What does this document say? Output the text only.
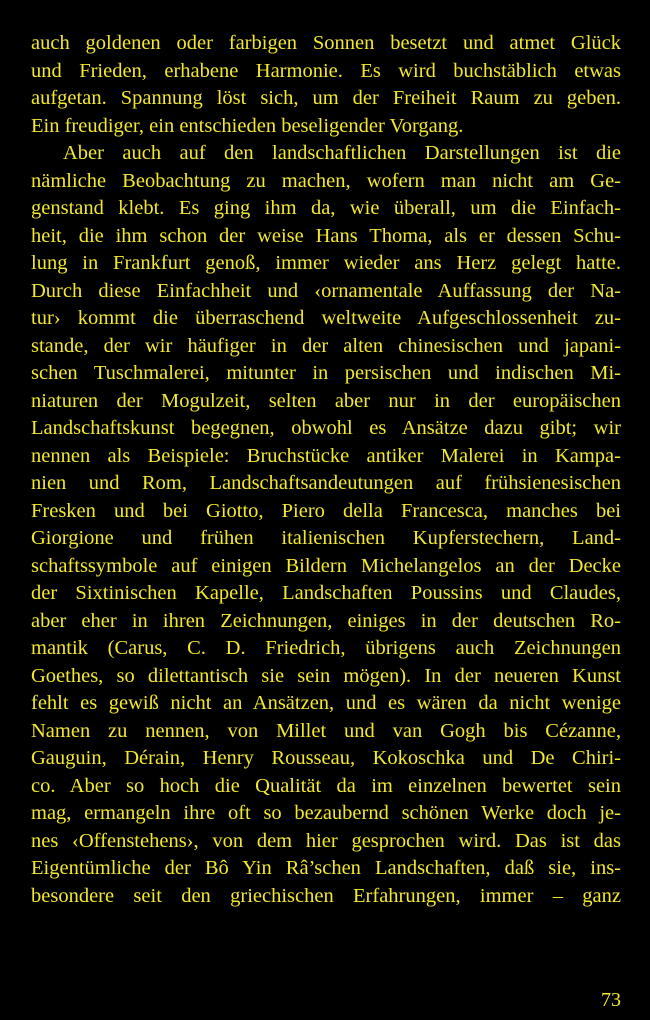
auch goldenen oder farbigen Sonnen besetzt und atmet Glück
und Frieden, erhabene Harmonie. Es wird buchstäblich etwas
aufgetan. Spannung löst sich, um der Freiheit Raum zu geben.
Ein freudiger, ein entschieden beseligender Vorgang.
Aber auch auf den landschaftlichen Darstellungen ist die
nämliche Beobachtung zu machen, wofern man nicht am Ge-
genstand klebt. Es ging ihm da, wie überall, um die Einfach-
heit, die ihm schon der weise Hans Thoma, als er dessen Schu-
lung in Frankfurt genoß, immer wieder ans Herz gelegt hatte.
Durch diese Einfachheit und ‹ornamentale Auffassung der Na-
tur› kommt die überraschend weltweite Aufgeschlossenheit zu-
stande, der wir häufiger in der alten chinesischen und japani-
schen Tuschmalerei, mitunter in persischen und indischen Mi-
niaturen der Mogulzeit, selten aber nur in der europäischen
Landschaftskunst begegnen, obwohl es Ansätze dazu gibt; wir
nennen als Beispiele: Bruchstücke antiker Malerei in Kampa-
nien und Rom, Landschaftsandeutungen auf frühsienesischen
Fresken und bei Giotto, Piero della Francesca, manches bei
Giorgione und frühen italienischen Kupferstechern, Land-
schaftssymbole auf einigen Bildern Michelangelos an der Decke
der Sixtinischen Kapelle, Landschaften Poussins und Claudes,
aber eher in ihren Zeichnungen, einiges in der deutschen Ro-
mantik (Carus, C. D. Friedrich, übrigens auch Zeichnungen
Goethes, so dilettantisch sie sein mögen). In der neueren Kunst
fehlt es gewiß nicht an Ansätzen, und es wären da nicht wenige
Namen zu nennen, von Millet und van Gogh bis Cézanne,
Gauguin, Dérain, Henry Rousseau, Kokoschka und De Chiri-
co. Aber so hoch die Qualität da im einzelnen bewertet sein
mag, ermangeln ihre oft so bezaubernd schönen Werke doch je-
nes ‹Offenstehens›, von dem hier gesprochen wird. Das ist das
Eigentümliche der Bô Yin Râ’schen Landschaften, daß sie, ins-
besondere seit den griechischen Erfahrungen, immer – ganz
73
